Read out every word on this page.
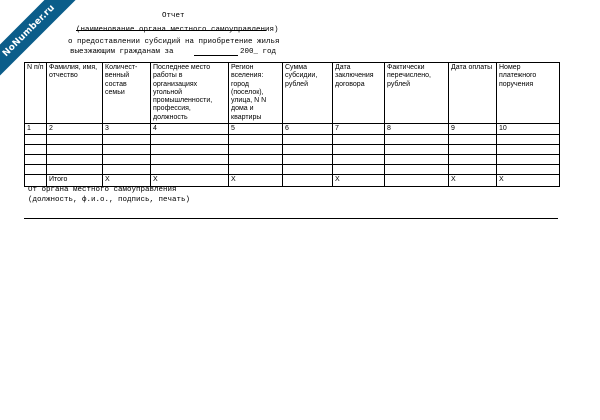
NoNumber.ru	Отчет
(наименование органа местного самоуправления)
о предоставлении субсидий на приобретение жилья
выезжающим гражданам за	200_ год
N п/п	Фамилия, имя, отчество	Количест-венный состав семьи	Последнее место работы в организациях угольной промышленности, профессия, должность	Регион вселения: город (поселок), улица, N N дома и квартиры	Сумма субсидии, рублей	Дата заключения договора	Фактически перечислено, рублей	Дата оплаты	Номер платежного поручения
1	2	3	4	5	6	7	8	9	10

	Итого	Х	Х	Х		Х		Х	Х
От органа местного самоуправления
(должность, ф.и.о., подпись, печать)
